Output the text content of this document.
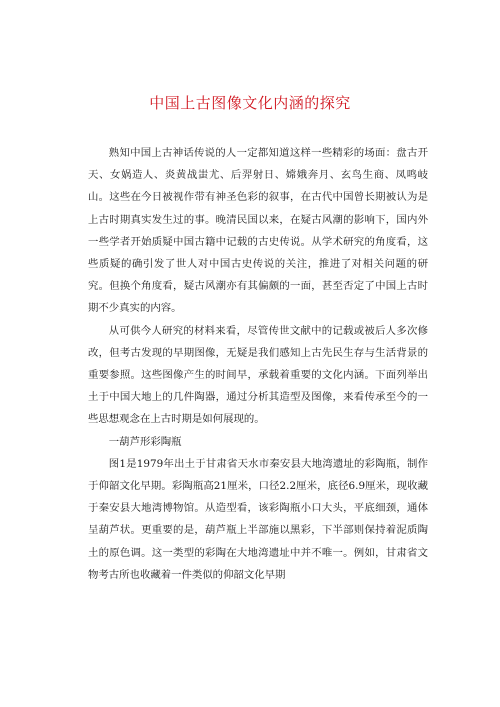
中国上古图像文化内涵的探究

熟知中国上古神话传说的人一定都知道这样一些精彩的场面：盘古开天、女娲造人、炎黄战蚩尤、后羿射日、嫦娥奔月、玄鸟生商、凤鸣岐山。这些在今日被视作带有神圣色彩的叙事，在古代中国曾长期被认为是上古时期真实发生过的事。晚清民国以来，在疑古风潮的影响下，国内外一些学者开始质疑中国古籍中记载的古史传说。从学术研究的角度看，这些质疑的确引发了世人对中国古史传说的关注，推进了对相关问题的研究。但换个角度看，疑古风潮亦有其偏颇的一面，甚至否定了中国上古时期不少真实的内容。

从可供今人研究的材料来看，尽管传世文献中的记载或被后人多次修改，但考古发现的早期图像，无疑是我们感知上古先民生存与生活背景的重要参照。这些图像产生的时间早，承载着重要的文化内涵。下面列举出土于中国大地上的几件陶器，通过分析其造型及图像，来看传承至今的一些思想观念在上古时期是如何展现的。

一葫芦形彩陶瓶

图1是1979年出土于甘肃省天水市秦安县大地湾遗址的彩陶瓶，制作于仰韶文化早期。彩陶瓶高21厘米，口径2.2厘米，底径6.9厘米，现收藏于秦安县大地湾博物馆。从造型看，该彩陶瓶小口大头，平底细颈，通体呈葫芦状。更重要的是，葫芦瓶上半部施以黑彩，下半部则保持着泥质陶土的原色调。这一类型的彩陶在大地湾遗址中并不唯一。例如，甘肃省文物考古所也收藏着一件类似的仰韶文化早期
